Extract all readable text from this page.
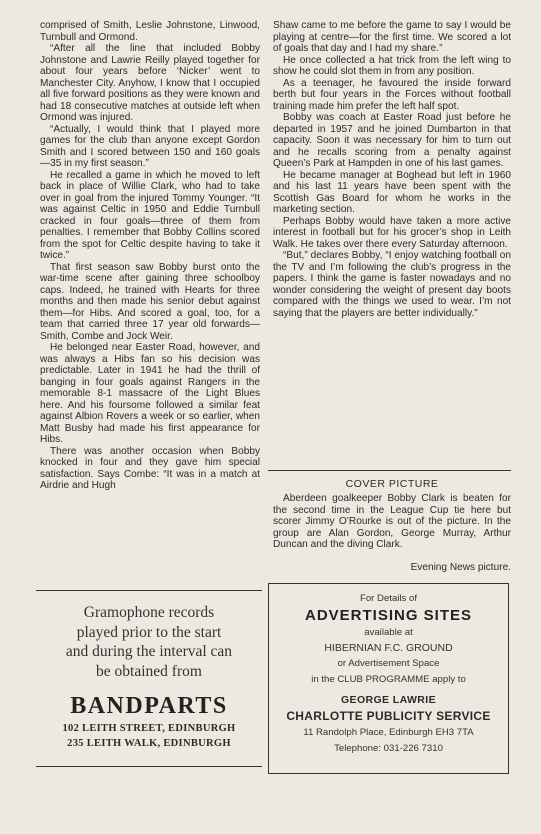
comprised of Smith, Leslie Johnstone, Linwood, Turnbull and Ormond.

“After all the line that included Bobby Johnstone and Lawrie Reilly played together for about four years before ‘Nicker’ went to Manchester City. Anyhow, I know that I occupied all five forward positions as they were known and had 18 consecutive matches at outside left when Ormond was injured.

“Actually, I would think that I played more games for the club than anyone except Gordon Smith and I scored between 150 and 160 goals—35 in my first season.”

He recalled a game in which he moved to left back in place of Willie Clark, who had to take over in goal from the injured Tommy Younger. “It was against Celtic in 1950 and Eddie Turnbull cracked in four goals—three of them from penalties. I remember that Bobby Collins scored from the spot for Celtic despite having to take it twice.”

That first season saw Bobby burst onto the war-time scene after gaining three schoolboy caps. Indeed, he trained with Hearts for three months and then made his senior debut against them—for Hibs. And scored a goal, too, for a team that carried three 17 year old forwards—Smith, Combe and Jock Weir.

He belonged near Easter Road, however, and was always a Hibs fan so his decision was predictable. Later in 1941 he had the thrill of banging in four goals against Rangers in the memorable 8-1 massacre of the Light Blues here. And his foursome followed a similar feat against Albion Rovers a week or so earlier, when Matt Busby had made his first appearance for Hibs.

There was another occasion when Bobby knocked in four and they gave him special satisfaction. Says Combe: “It was in a match at Airdrie and Hugh

Shaw came to me before the game to say I would be playing at centre—for the first time. We scored a lot of goals that day and I had my share.”

He once collected a hat trick from the left wing to show he could slot them in from any position.

As a teenager, he favoured the inside forward berth but four years in the Forces without football training made him prefer the left half spot.

Bobby was coach at Easter Road just before he departed in 1957 and he joined Dumbarton in that capacity. Soon it was necessary for him to turn out and he recalls scoring from a penalty against Queen’s Park at Hampden in one of his last games.

He became manager at Boghead but left in 1960 and his last 11 years have been spent with the Scottish Gas Board for whom he works in the marketing section.

Perhaps Bobby would have taken a more active interest in football but for his grocer’s shop in Leith Walk. He takes over there every Saturday afternoon.

“But,” declares Bobby, “I enjoy watching football on the TV and I’m following the club’s progress in the papers. I think the game is faster nowadays and no wonder considering the weight of present day boots compared with the things we used to wear. I’m not saying that the players are better individually.”

COVER PICTURE

Aberdeen goalkeeper Bobby Clark is beaten for the second time in the League Cup tie here but scorer Jimmy O’Rourke is out of the picture. In the group are Alan Gordon, George Murray, Arthur Duncan and the diving Clark.

Evening News picture.
Gramophone records
played prior to the start
and during the interval can
be obtained from
BANDPARTS
102 LEITH STREET, EDINBURGH
235 LEITH WALK, EDINBURGH
For Details of
ADVERTISING SITES
available at
HIBERNIAN F.C. GROUND
or Advertisement Space
in the CLUB PROGRAMME apply to
GEORGE LAWRIE
CHARLOTTE PUBLICITY SERVICE
11 Randolph Place, Edinburgh EH3 7TA
Telephone: 031-226 7310
